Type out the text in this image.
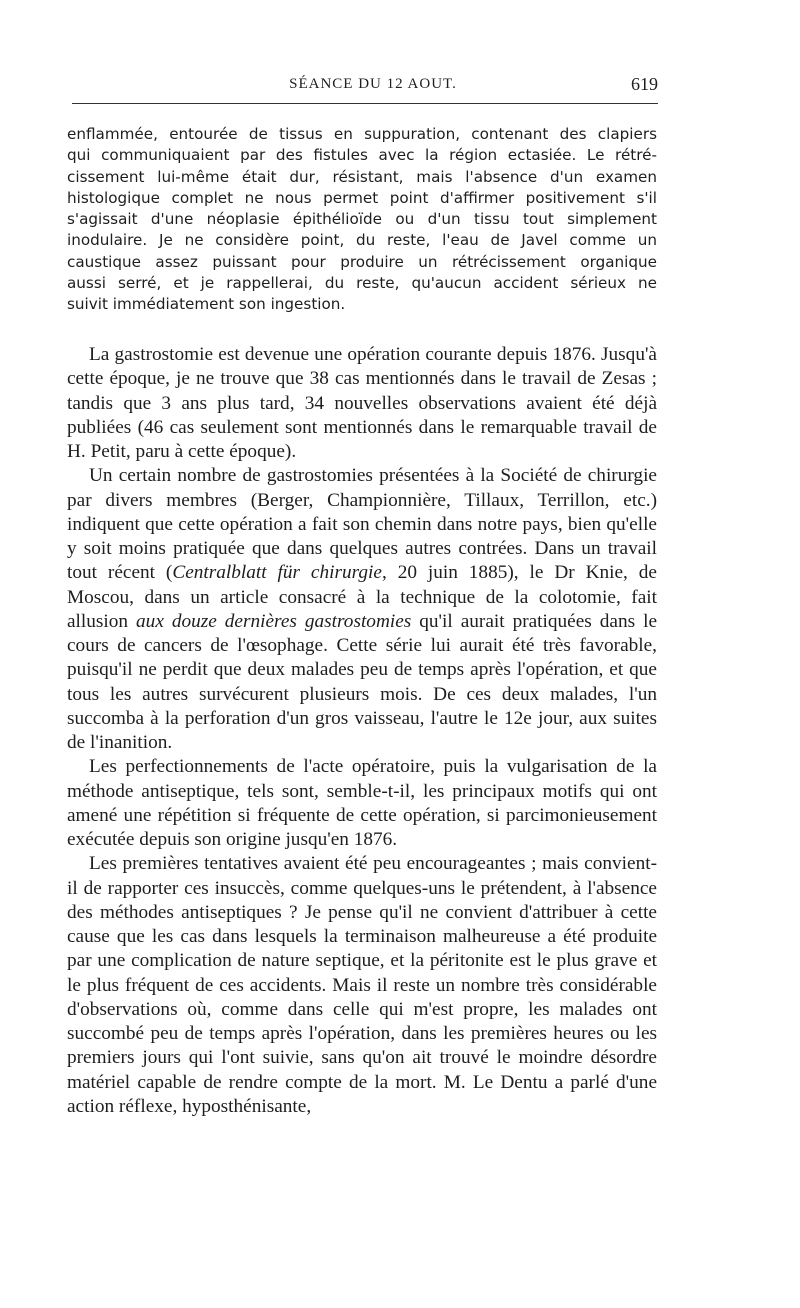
SÉANCE DU 12 AOUT.	619
enflammée, entourée de tissus en suppuration, contenant des clapiers
qui communiquaient par des fistules avec la région ectasiée. Le rétré-
cissement lui-même était dur, résistant, mais l'absence d'un examen
histologique complet ne nous permet point d'affirmer positivement s'il
s'agissait d'une néoplasie épithélioïde ou d'un tissu tout simplement
inodulaire. Je ne considère point, du reste, l'eau de Javel comme un
caustique assez puissant pour produire un rétrécissement organique
aussi serré, et je rappellerai, du reste, qu'aucun accident sérieux ne
suivit immédiatement son ingestion.

La gastrostomie est devenue une opération courante depuis 1876. Jusqu'à cette époque, je ne trouve que 38 cas mentionnés dans le travail de Zesas ; tandis que 3 ans plus tard, 34 nouvelles observations avaient été déjà publiées (46 cas seulement sont mentionnés dans le remarquable travail de H. Petit, paru à cette époque).

Un certain nombre de gastrostomies présentées à la Société de chirurgie par divers membres (Berger, Championnière, Tillaux, Terrillon, etc.) indiquent que cette opération a fait son chemin dans notre pays, bien qu'elle y soit moins pratiquée que dans quelques autres contrées. Dans un travail tout récent (Centralblatt für chirurgie, 20 juin 1885), le Dr Knie, de Moscou, dans un article consacré à la technique de la colotomie, fait allusion aux douze dernières gastrostomies qu'il aurait pratiquées dans le cours de cancers de l'œsophage. Cette série lui aurait été très favorable, puisqu'il ne perdit que deux malades peu de temps après l'opération, et que tous les autres survécurent plusieurs mois. De ces deux malades, l'un succomba à la perforation d'un gros vaisseau, l'autre le 12e jour, aux suites de l'inanition.

Les perfectionnements de l'acte opératoire, puis la vulgarisation de la méthode antiseptique, tels sont, semble-t-il, les principaux motifs qui ont amené une répétition si fréquente de cette opération, si parcimonieusement exécutée depuis son origine jusqu'en 1876.

Les premières tentatives avaient été peu encourageantes ; mais convient-il de rapporter ces insuccès, comme quelques-uns le prétendent, à l'absence des méthodes antiseptiques ? Je pense qu'il ne convient d'attribuer à cette cause que les cas dans lesquels la terminaison malheureuse a été produite par une complication de nature septique, et la péritonite est le plus grave et le plus fréquent de ces accidents. Mais il reste un nombre très considérable d'observations où, comme dans celle qui m'est propre, les malades ont succombé peu de temps après l'opération, dans les premières heures ou les premiers jours qui l'ont suivie, sans qu'on ait trouvé le moindre désordre matériel capable de rendre compte de la mort. M. Le Dentu a parlé d'une action réflexe, hyposthénisante,
